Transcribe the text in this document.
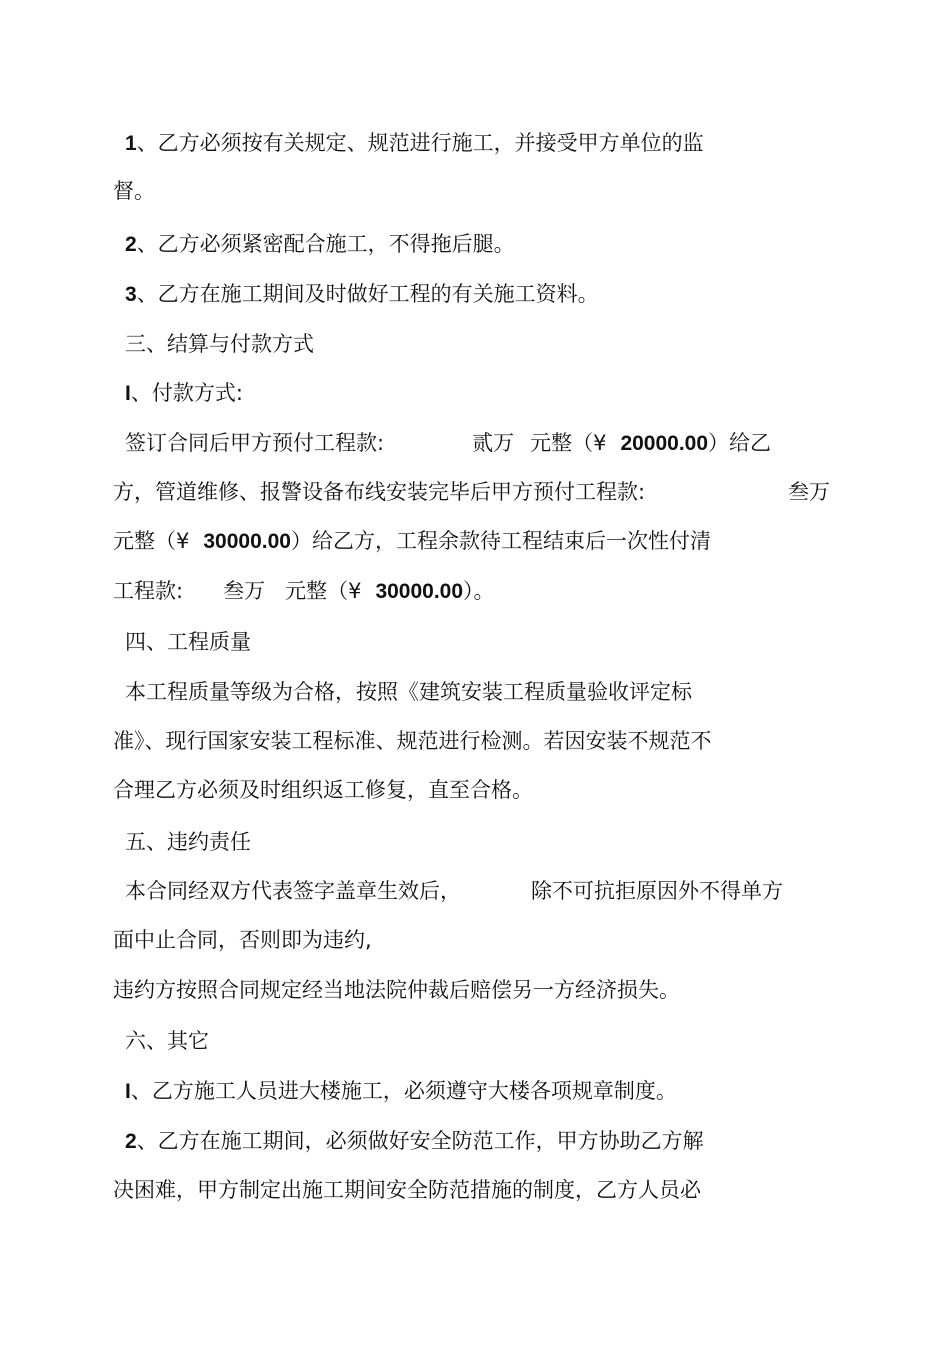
1、乙方必须按有关规定、规范进行施工，并接受甲方单位的监
督。
2、乙方必须紧密配合施工，不得拖后腿。
3、乙方在施工期间及时做好工程的有关施工资料。
三、结算与付款方式
I、付款方式:
签订合同后甲方预付工程款:	贰万 元整（¥ 20000.00）给乙
方，管道维修、报警设备布线安装完毕后甲方预付工程款:	叁万
元整（¥ 30000.00）给乙方，工程余款待工程结束后一次性付清
工程款: 叁万 元整（¥ 30000.00）。
四、工程质量
本工程质量等级为合格，按照《建筑安装工程质量验收评定标
准》、现行国家安装工程标准、规范进行检测。若因安装不规范不
合理乙方必须及时组织返工修复，直至合格。
五、违约责任
本合同经双方代表签字盖章生效后，	除不可抗拒原因外不得单方
面中止合同，否则即为违约,
违约方按照合同规定经当地法院仲裁后赔偿另一方经济损失。
六、其它
I、乙方施工人员进大楼施工，必须遵守大楼各项规章制度。
2、乙方在施工期间，必须做好安全防范工作，甲方协助乙方解
决困难，甲方制定出施工期间安全防范措施的制度，乙方人员必
